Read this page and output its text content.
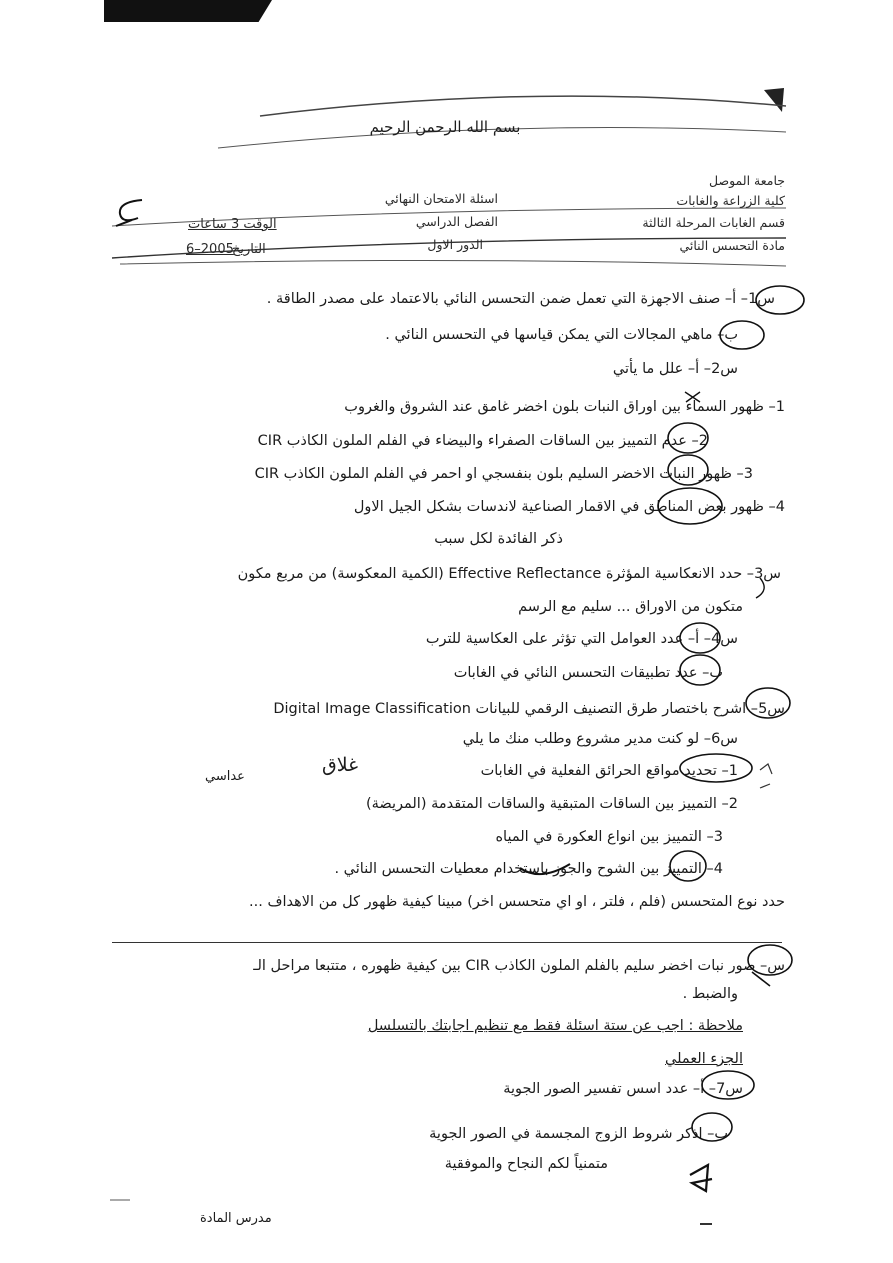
بسم الله الرحمن الرحيم
جامعة الموصل
كلية الزراعة والغابات
قسم الغابات المرحلة الثالثة
مادة التحسس النائي
اسئلة الامتحان النهائي
الفصل الدراسي
الدور الاول
الوقت 3 ساعات
التاريخ
6–2005
س1– أ– صنف الاجهزة التي تعمل ضمن التحسس النائي بالاعتماد على مصدر الطاقة .
ب– ماهي المجالات التي يمكن قياسها في التحسس النائي .
س2– أ– علل ما يأتي
1– ظهور السماء بين اوراق النبات بلون اخضر غامق عند الشروق والغروب
2– عدم التمييز بين الساقات الصفراء والبيضاء في الفلم الملون الكاذب CIR
3– ظهور النبات الاخضر السليم بلون بنفسجي او احمر في الفلم الملون الكاذب CIR
4– ظهور بعض المناطق في الاقمار الصناعية لاندسات بشكل الجيل الاول
ذكر الفائدة لكل سبب
س3– حدد الانعكاسية المؤثرة Effective Reflectance (الكمية المعكوسة) من مربع مكون
متكون من الاوراق ... سليم مع الرسم
س4– أ– عدد العوامل التي تؤثر على العكاسية للترب
ب– عدد تطبيقات التحسس النائي في الغابات
س5– اشرح باختصار طرق التصنيف الرقمي للبيانات Digital Image Classification
س6– لو كنت مدير مشروع وطلب منك ما يلي
1– تحديد مواقع الحرائق الفعلية في الغابات
2– التمييز بين الساقات المتبقية والساقات المتقدمة (المريضة)
3– التمييز بين انواع العكورة في المياه
4– التمييز بين الشوح والجوز باستخدام معطيات التحسس النائي .
حدد نوع المتحسس (فلم ، فلتر ، او اي متحسس اخر) مبينا كيفية ظهور كل من الاهداف ...
س– صور نبات اخضر سليم بالفلم الملون الكاذب CIR بين كيفية ظهوره ، متتبعا مراحل الـ
والضبط .
ملاحظة : اجب عن ستة اسئلة فقط مع تنظيم اجابتك بالتسلسل
الجزء العملي
س7– أ– عدد اسس تفسير الصور الجوية
ب– اذكر شروط الزوج المجسمة في الصور الجوية
متمنياً لكم النجاح والموفقية
مدرس المادة
غلاق
عداسي
